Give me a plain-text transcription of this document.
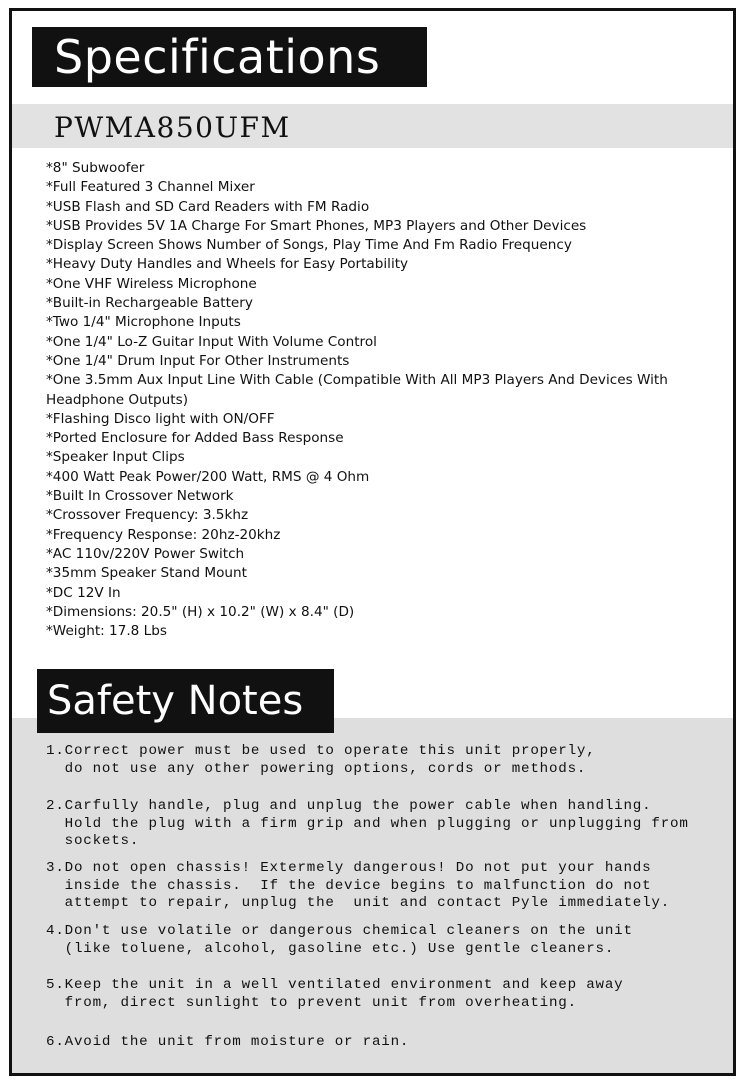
Specifications
PWMA850UFM
*8" Subwoofer
*Full Featured 3 Channel Mixer
*USB Flash and SD Card Readers with FM Radio
*USB Provides 5V 1A Charge For Smart Phones, MP3 Players and Other Devices
*Display Screen Shows Number of Songs, Play Time And Fm Radio Frequency
*Heavy Duty Handles and Wheels for Easy Portability
*One VHF Wireless Microphone
*Built-in Rechargeable Battery
*Two 1/4" Microphone Inputs
*One 1/4" Lo-Z Guitar Input With Volume Control
*One 1/4" Drum Input For Other Instruments
*One 3.5mm Aux Input Line With Cable (Compatible With All MP3 Players And Devices With
Headphone Outputs)
*Flashing Disco light with ON/OFF
*Ported Enclosure for Added Bass Response
*Speaker Input Clips
*400 Watt Peak Power/200 Watt, RMS @ 4 Ohm
*Built In Crossover Network
*Crossover Frequency: 3.5khz
*Frequency Response: 20hz-20khz
*AC 110v/220V Power Switch
*35mm Speaker Stand Mount
*DC 12V In
*Dimensions: 20.5" (H) x 10.2" (W) x 8.4" (D)
*Weight: 17.8 Lbs
Safety Notes
1.Correct power must be used to operate this unit properly,
do not use any other powering options, cords or methods.
2.Carfully handle, plug and unplug the power cable when handling.
Hold the plug with a firm grip and when plugging or unplugging from
sockets.
3.Do not open chassis! Extermely dangerous! Do not put your hands
inside the chassis.  If the device begins to malfunction do not
attempt to repair, unplug the  unit and contact Pyle immediately.
4.Don't use volatile or dangerous chemical cleaners on the unit
(like toluene, alcohol, gasoline etc.) Use gentle cleaners.
5.Keep the unit in a well ventilated environment and keep away
from, direct sunlight to prevent unit from overheating.
6.Avoid the unit from moisture or rain.
